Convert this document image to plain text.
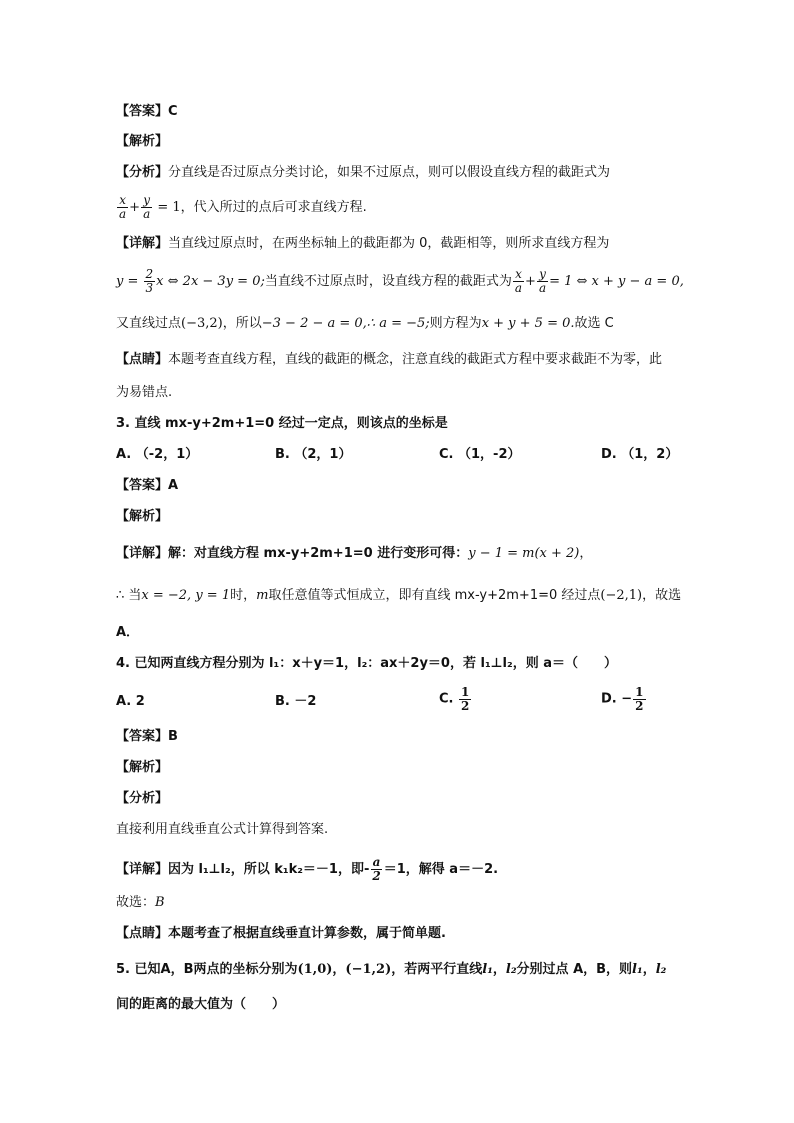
【答案】C
【解析】
【分析】分直线是否过原点分类讨论，如果不过原点，则可以假设直线方程的截距式为
$\frac{x}{a} + \frac{y}{a} = 1$，代入所过的点后可求直线方程.
【详解】当直线过原点时，在两坐标轴上的截距都为 0，截距相等，则所求直线方程为
$y = \frac{2}{3}$ x ⇔ 2x − 3y = 0;当直线不过原点时，设直线方程的截距式为 $\frac{x}{a} + \frac{y}{a} = 1$ ⇔ x + y − a = 0,
又直线过点(−3,2)，所以−3 − 2 − a = 0,∴ a = −5;则方程为x + y + 5 = 0.故选 C
【点睛】本题考查直线方程，直线的截距的概念，注意直线的截距式方程中要求截距不为零，此
为易错点.
3. 直线 mx-y+2m+1=0 经过一定点，则该点的坐标是
A. （-2，1）	B. （2，1）	C. （1，-2）	D. （1，2）
【答案】A
【解析】
【详解】解：对直线方程 mx-y+2m+1=0 进行变形可得：y − 1 = m(x + 2)，
∴ 当x = −2, y = 1时，m取任意值等式恒成立，即有直线 mx-y+2m+1=0 经过点(−2,1)，故选
A．
4. 已知两直线方程分别为 l₁：x＋y＝1，l₂：ax＋2y＝0，若 l₁⊥l₂，则 a＝（　　）
A. 2	B. －2	C. $\frac{1}{2}$	D. − $\frac{1}{2}$
【答案】B
【解析】
【分析】
直接利用直线垂直公式计算得到答案.
【详解】因为 l₁⊥l₂，所以 k₁k₂＝－1，即- $\frac{a}{2} =1$，解得 a＝－2.
故选：B
【点睛】本题考查了根据直线垂直计算参数，属于简单题.
5. 已知A，B两点的坐标分别为(1,0)，(−1,2)，若两平行直线l₁，l₂分别过点 A，B，则l₁，l₂
间的距离的最大值为（　　）
